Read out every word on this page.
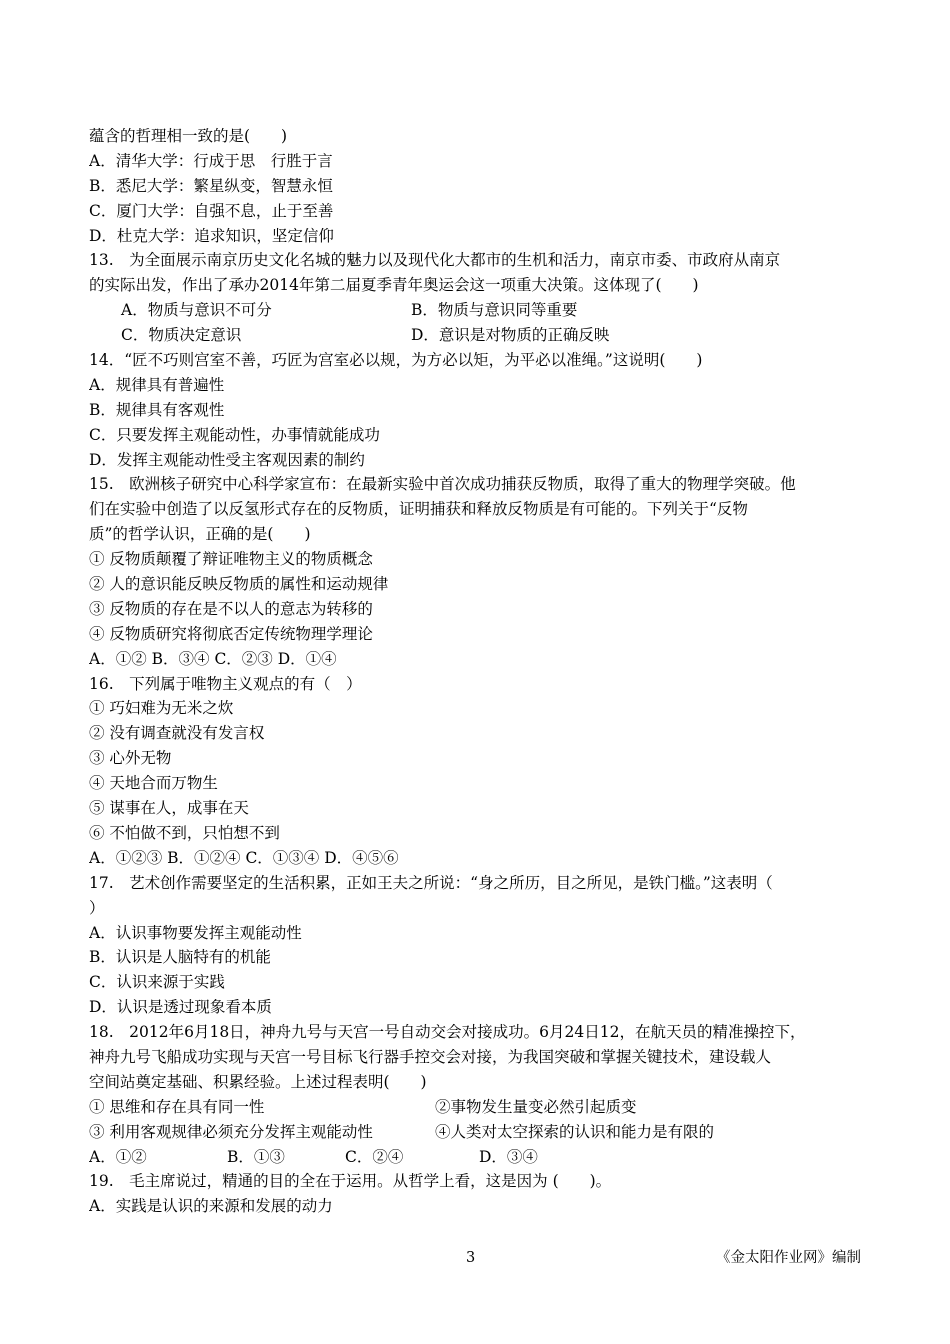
蕴含的哲理相一致的是(　　)
A．清华大学：行成于思　行胜于言
B．悉尼大学：繁星纵变，智慧永恒
C．厦门大学：自强不息，止于至善
D．杜克大学：追求知识，坚定信仰
13.　为全面展示南京历史文化名城的魅力以及现代化大都市的生机和活力，南京市委、市政府从南京
的实际出发，作出了承办2014年第二届夏季青年奥运会这一项重大决策。这体现了(　　)
A．物质与意识不可分	B．物质与意识同等重要
C．物质决定意识	D．意识是对物质的正确反映
14．“匠不巧则宫室不善，巧匠为宫室必以规，为方必以矩，为平必以准绳。”这说明(　　)
A．规律具有普遍性
B．规律具有客观性
C．只要发挥主观能动性，办事情就能成功
D．发挥主观能动性受主客观因素的制约
15.　欧洲核子研究中心科学家宣布：在最新实验中首次成功捕获反物质，取得了重大的物理学突破。他
们在实验中创造了以反氢形式存在的反物质，证明捕获和释放反物质是有可能的。下列关于“反物
质”的哲学认识，正确的是(　　)
① 反物质颠覆了辩证唯物主义的物质概念
② 人的意识能反映反物质的属性和运动规律
③ 反物质的存在是不以人的意志为转移的
④ 反物质研究将彻底否定传统物理学理论
A．①② B．③④ C．②③ D．①④
16.　下列属于唯物主义观点的有（　）
① 巧妇难为无米之炊
② 没有调查就没有发言权
③ 心外无物
④ 天地合而万物生
⑤ 谋事在人，成事在天
⑥ 不怕做不到，只怕想不到
A．①②③ B．①②④ C．①③④ D．④⑤⑥
17.　艺术创作需要坚定的生活积累，正如王夫之所说：“身之所历，目之所见，是铁门槛。”这表明（
）
A．认识事物要发挥主观能动性
B．认识是人脑特有的机能
C．认识来源于实践
D．认识是透过现象看本质
18.　2012年6月18日，神舟九号与天宫一号自动交会对接成功。6月24日12，在航天员的精准操控下，
神舟九号飞船成功实现与天宫一号目标飞行器手控交会对接，为我国突破和掌握关键技术，建设载人
空间站奠定基础、积累经验。上述过程表明(　　)
① 思维和存在具有同一性	②事物发生量变必然引起质变
③ 利用客观规律必须充分发挥主观能动性	④人类对太空探索的认识和能力是有限的
A．①②	B．①③	C．②④	D．③④
19.　毛主席说过，精通的目的全在于运用。从哲学上看，这是因为 (　　)。
A．实践是认识的来源和发展的动力
3	《金太阳作业网》编制
